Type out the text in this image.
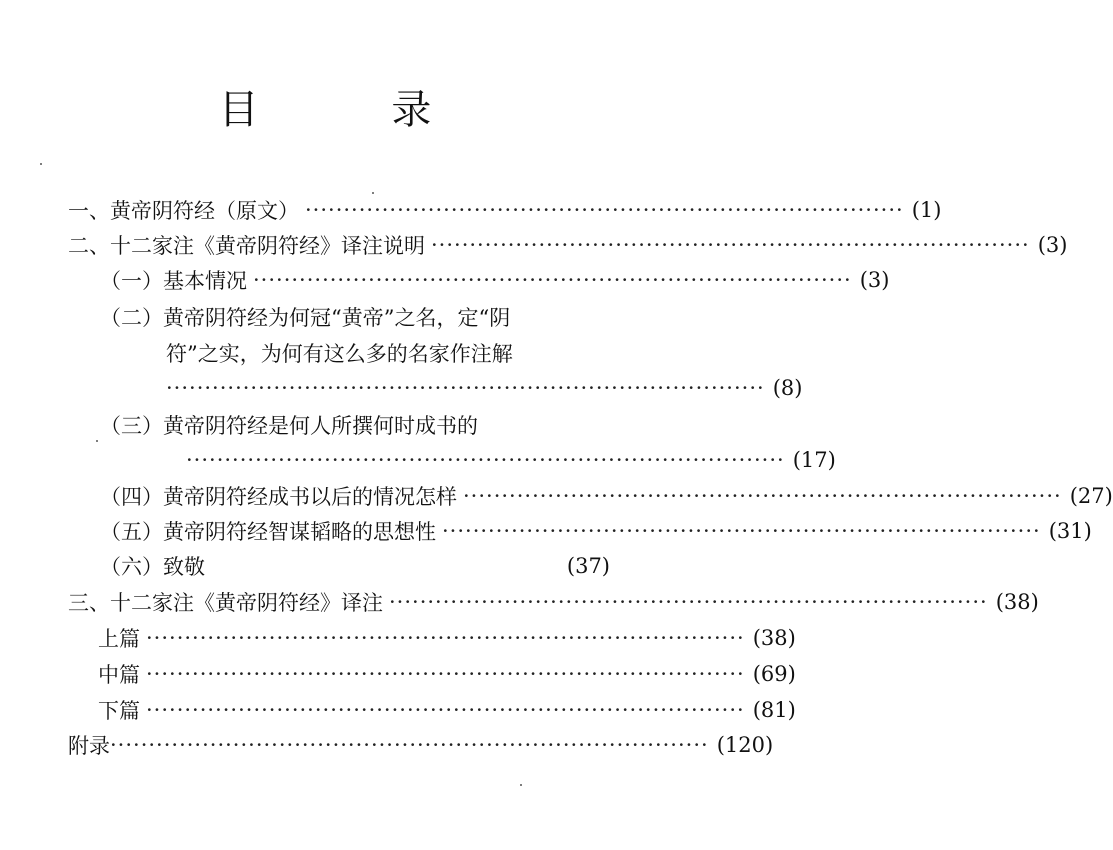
目 录
一、黄帝阴符经（原文） ·············································································· (1)
二、十二家注《黄帝阴符经》译注说明 ·············································································· (3)
（一）基本情况 ·············································································· (3)
（二）黄帝阴符经为何冠“黄帝”之名，定“阴
符”之实，为何有这么多的名家作注解
·············································································· (8)
（三）黄帝阴符经是何人所撰何时成书的
·············································································· (17)
（四）黄帝阴符经成书以后的情况怎样 ·············································································· (27)
（五）黄帝阴符经智谋韬略的思想性 ·············································································· (31)
（六）致敬	(37)
三、十二家注《黄帝阴符经》译注 ·············································································· (38)
上篇 ·············································································· (38)
中篇 ·············································································· (69)
下篇 ·············································································· (81)
附录 ·············································································· (120)
